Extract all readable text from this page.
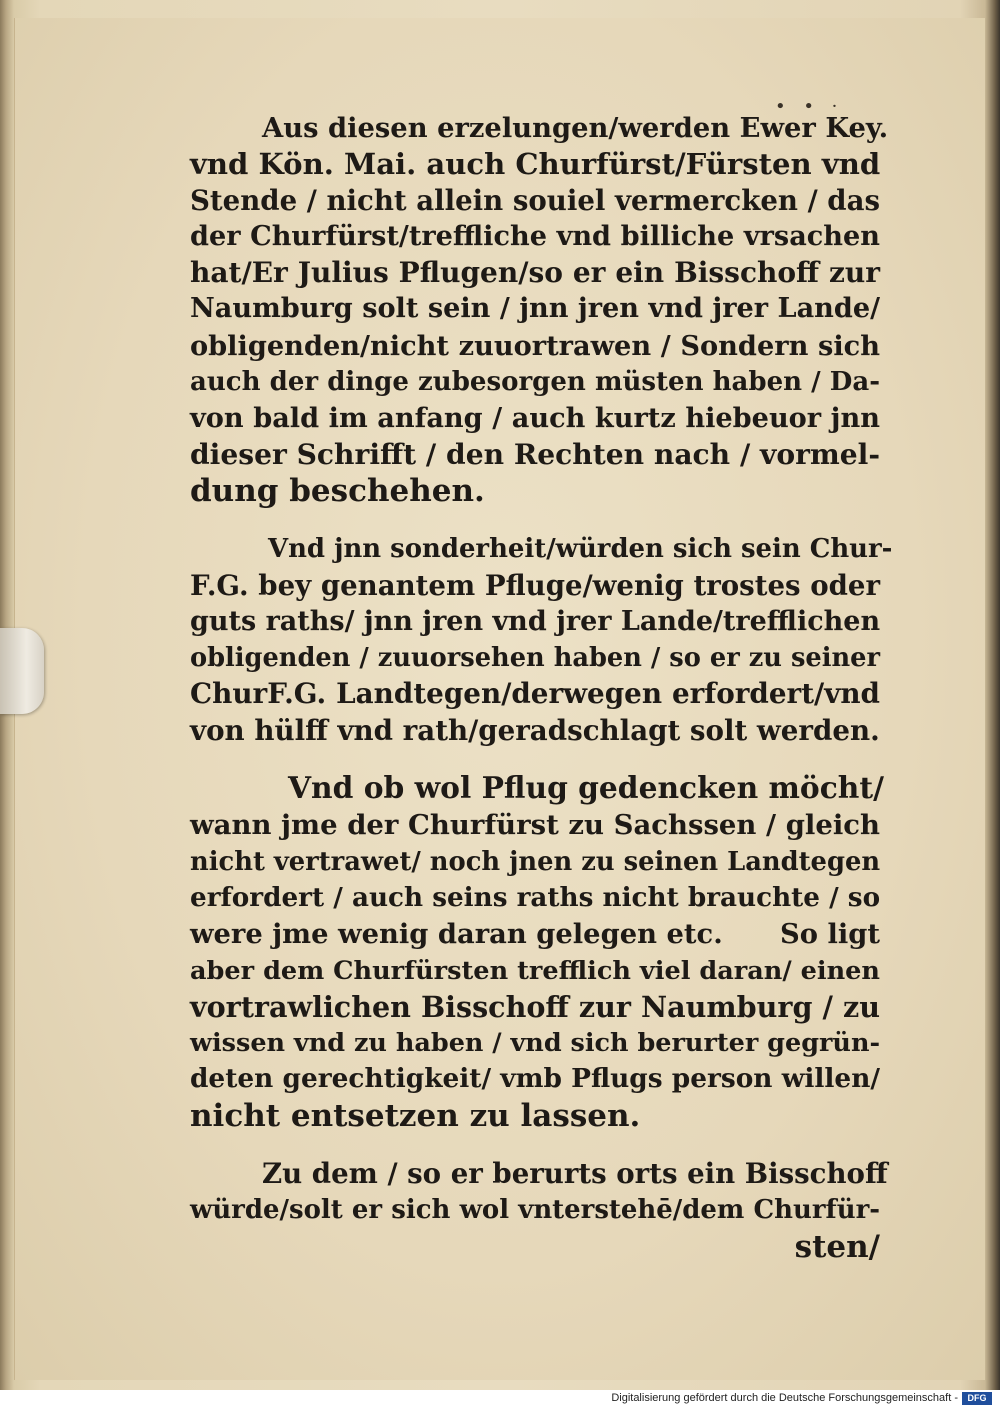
• • ·
Aus diesen erzelungen/werden Ewer Key.
vnd Kön. Mai. auch Churfürst/Fürsten vnd
Stende / nicht allein souiel vermercken / das
der Churfürst/treffliche vnd billiche vrsachen
hat/Er Julius Pflugen/so er ein Bisschoff zur
Naumburg solt sein / jnn jren vnd jrer Lande/
obligenden/nicht zuuortrawen / Sondern sich
auch der dinge zubesorgen müsten haben / Da-
von bald im anfang / auch kurtz hiebeuor jnn
dieser Schrifft / den Rechten nach / vormel-
dung beschehen.
Vnd jnn sonderheit/würden sich sein Chur-
F.G. bey genantem Pfluge/wenig trostes oder
guts raths/ jnn jren vnd jrer Lande/trefflichen
obligenden / zuuorsehen haben / so er zu seiner
ChurF.G. Landtegen/derwegen erfordert/vnd
von hülff vnd rath/geradschlagt solt werden.
Vnd ob wol Pflug gedencken möcht/
wann jme der Churfürst zu Sachssen / gleich
nicht vertrawet/ noch jnen zu seinen Landtegen
erfordert / auch seins raths nicht brauchte / so
were jme wenig daran gelegen etc.      So ligt
aber dem Churfürsten trefflich viel daran/ einen
vortrawlichen Bisschoff zur Naumburg / zu
wissen vnd zu haben / vnd sich berurter gegrün-
deten gerechtigkeit/ vmb Pflugs person willen/
nicht entsetzen zu lassen.
Zu dem / so er berurts orts ein Bisschoff
würde/solt er sich wol vnterstehē/dem Churfür-
sten/
Digitalisierung gefördert durch die Deutsche Forschungsgemeinschaft -	DFG
